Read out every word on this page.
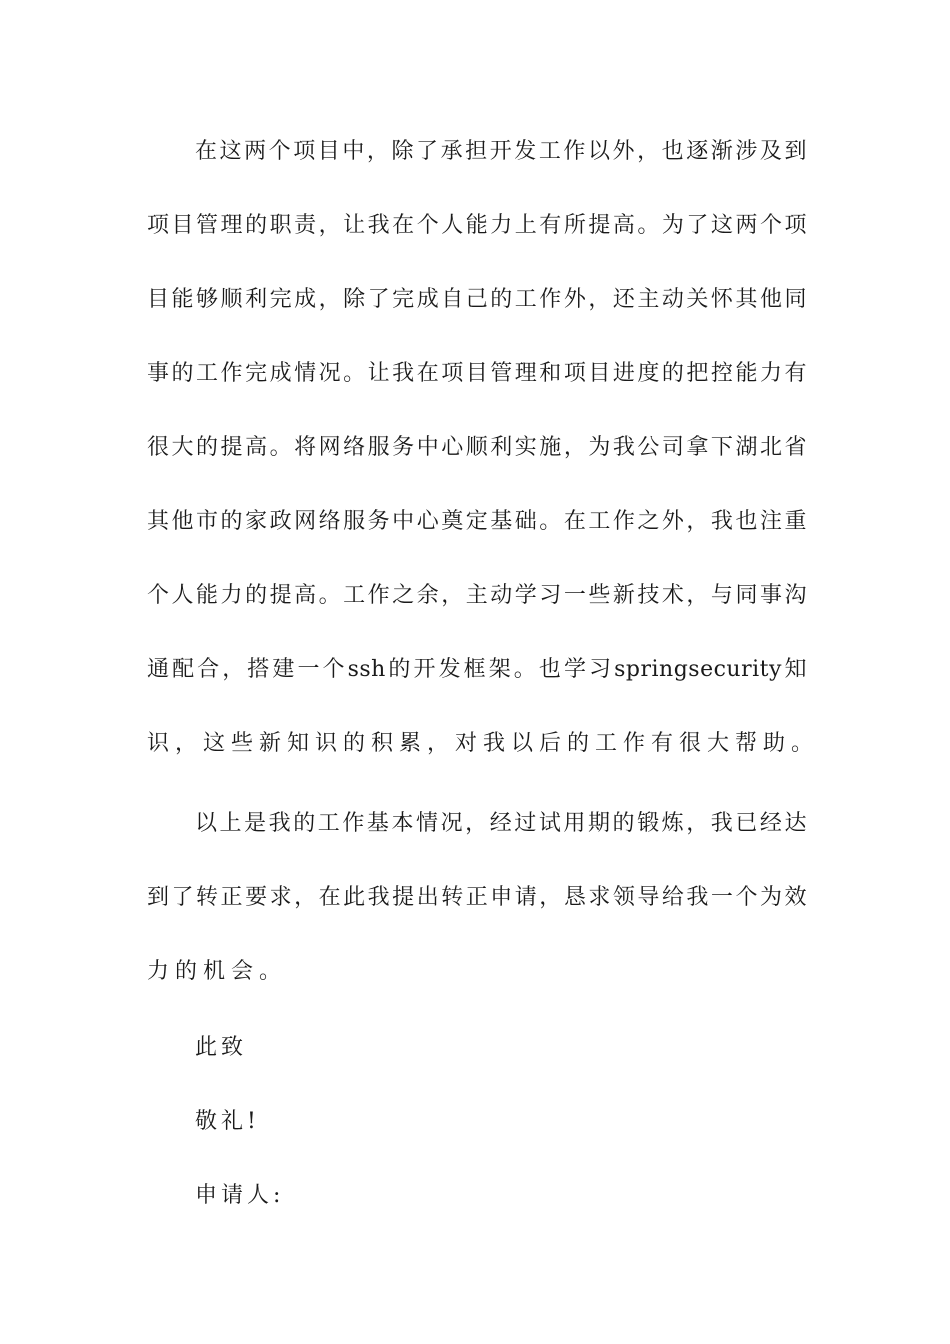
在这两个项目中，除了承担开发工作以外，也逐渐涉及到
项目管理的职责，让我在个人能力上有所提高。为了这两个项
目能够顺利完成，除了完成自己的工作外，还主动关怀其他同
事的工作完成情况。让我在项目管理和项目进度的把控能力有
很大的提高。将网络服务中心顺利实施，为我公司拿下湖北省
其他市的家政网络服务中心奠定基础。在工作之外，我也注重
个人能力的提高。工作之余，主动学习一些新技术，与同事沟
通配合，搭建一个ssh的开发框架。也学习springsecurity知
识，这些新知识的积累，对我以后的工作有很大帮助。
以上是我的工作基本情况，经过试用期的锻炼，我已经达
到了转正要求，在此我提出转正申请，恳求领导给我一个为效
力的机会。
此致
敬礼!
申请人:
